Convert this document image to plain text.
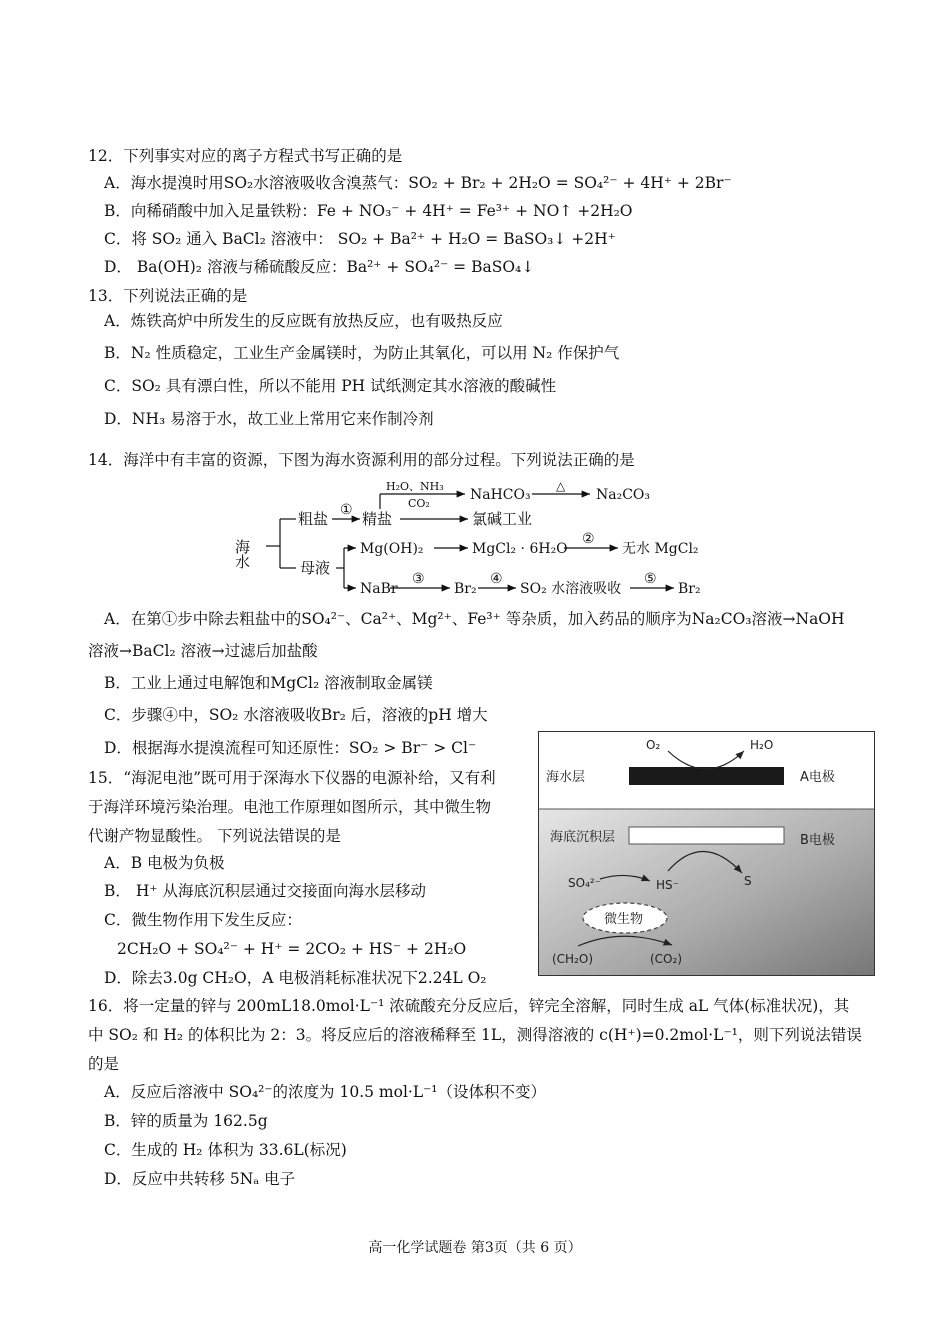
12．下列事实对应的离子方程式书写正确的是
A．海水提溴时用SO₂水溶液吸收含溴蒸气：SO₂ + Br₂ + 2H₂O = SO₄²⁻ + 4H⁺ + 2Br⁻
B．向稀硝酸中加入足量铁粉：Fe + NO₃⁻ + 4H⁺ = Fe³⁺ + NO↑ +2H₂O
C．将 SO₂ 通入 BaCl₂ 溶液中： SO₂ + Ba²⁺ + H₂O = BaSO₃↓ +2H⁺
D． Ba(OH)₂ 溶液与稀硫酸反应：Ba²⁺ + SO₄²⁻ = BaSO₄↓
13．下列说法正确的是
A．炼铁高炉中所发生的反应既有放热反应，也有吸热反应
B．N₂ 性质稳定，工业生产金属镁时，为防止其氧化，可以用 N₂ 作保护气
C．SO₂ 具有漂白性，所以不能用 PH 试纸测定其水溶液的酸碱性
D．NH₃ 易溶于水，故工业上常用它来作制冷剂
14．海洋中有丰富的资源，下图为海水资源利用的部分过程。下列说法正确的是
海水
粗盐 ① 精盐
H₂O、NH₃
CO₂
NaHCO₃
△
Na₂CO₃
氯碱工业
母液
Mg(OH)₂	MgCl₂ · 6H₂O
②
无水 MgCl₂
NaBr
③
Br₂
④
SO₂ 水溶液吸收
⑤
Br₂
A．在第①步中除去粗盐中的SO₄²⁻、Ca²⁺、Mg²⁺、Fe³⁺ 等杂质，加入药品的顺序为Na₂CO₃溶液→NaOH
溶液→BaCl₂ 溶液→过滤后加盐酸
B．工业上通过电解饱和MgCl₂ 溶液制取金属镁
C．步骤④中，SO₂ 水溶液吸收Br₂ 后，溶液的pH 增大
D．根据海水提溴流程可知还原性：SO₂ > Br⁻ > Cl⁻
15．“海泥电池”既可用于深海水下仪器的电源补给，又有利
于海洋环境污染治理。电池工作原理如图所示，其中微生物
代谢产物显酸性。 下列说法错误的是
A．B 电极为负极
B． H⁺ 从海底沉积层通过交接面向海水层移动
C．微生物作用下发生反应：
2CH₂O + SO₄²⁻ + H⁺ = 2CO₂ + HS⁻ + 2H₂O
D．除去3.0g CH₂O，A 电极消耗标准状况下2.24L O₂
O₂	H₂O
海水层	A电极
海底沉积层	B电极
SO₄²⁻	HS⁻	S
微生物
(CH₂O)	(CO₂)
16．将一定量的锌与 200mL18.0mol·L⁻¹ 浓硫酸充分反应后，锌完全溶解，同时生成 aL 气体(标准状况)，其
中 SO₂ 和 H₂ 的体积比为 2：3。将反应后的溶液稀释至 1L，测得溶液的 c(H⁺)=0.2mol·L⁻¹，则下列说法错误
的是
A．反应后溶液中 SO₄²⁻的浓度为 10.5 mol·L⁻¹（设体积不变）
B．锌的质量为 162.5g
C．生成的 H₂ 体积为 33.6L(标况)
D．反应中共转移 5Nₐ 电子
高一化学试题卷 第3页（共 6 页）
